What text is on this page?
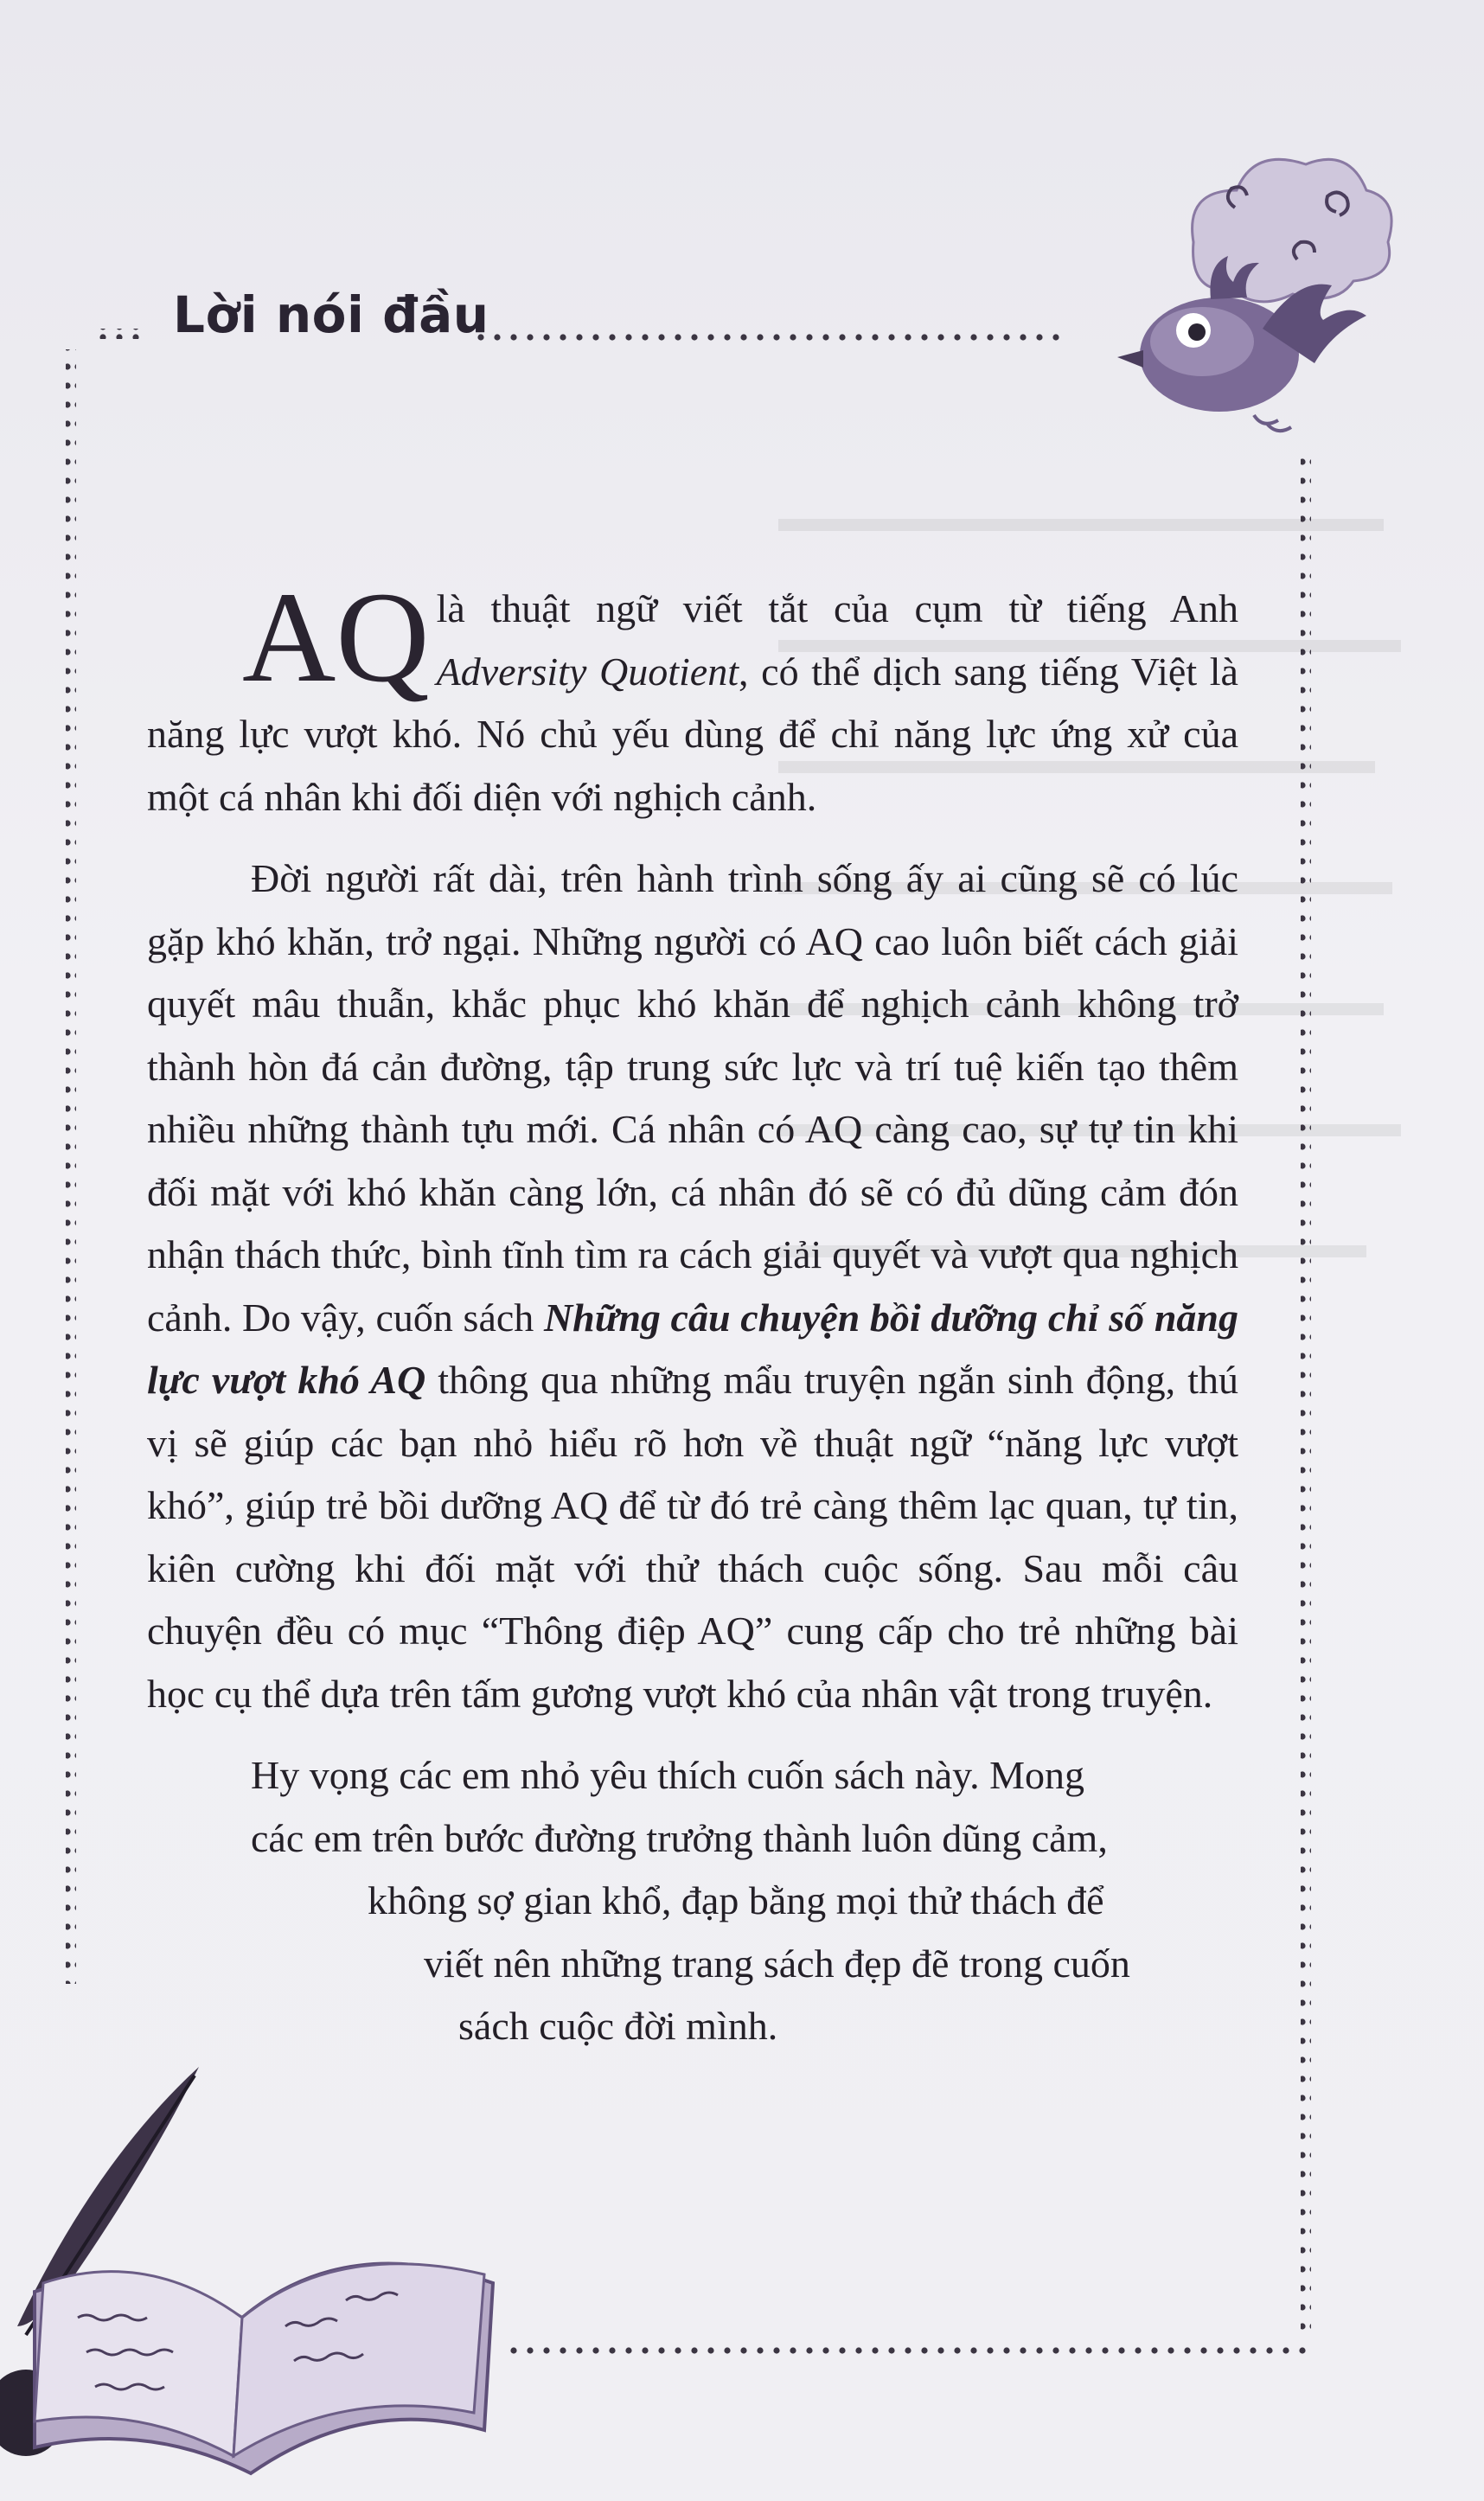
Lời nói đầu

AQ là thuật ngữ viết tắt của cụm từ tiếng Anh Adversity Quotient, có thể dịch sang tiếng Việt là năng lực vượt khó. Nó chủ yếu dùng để chỉ năng lực ứng xử của một cá nhân khi đối diện với nghịch cảnh.

Đời người rất dài, trên hành trình sống ấy ai cũng sẽ có lúc gặp khó khăn, trở ngại. Những người có AQ cao luôn biết cách giải quyết mâu thuẫn, khắc phục khó khăn để nghịch cảnh không trở thành hòn đá cản đường, tập trung sức lực và trí tuệ kiến tạo thêm nhiều những thành tựu mới. Cá nhân có AQ càng cao, sự tự tin khi đối mặt với khó khăn càng lớn, cá nhân đó sẽ có đủ dũng cảm đón nhận thách thức, bình tĩnh tìm ra cách giải quyết và vượt qua nghịch cảnh. Do vậy, cuốn sách Những câu chuyện bồi dưỡng chỉ số năng lực vượt khó AQ thông qua những mẩu truyện ngắn sinh động, thú vị sẽ giúp các bạn nhỏ hiểu rõ hơn về thuật ngữ “năng lực vượt khó”, giúp trẻ bồi dưỡng AQ để từ đó trẻ càng thêm lạc quan, tự tin, kiên cường khi đối mặt với thử thách cuộc sống. Sau mỗi câu chuyện đều có mục “Thông điệp AQ” cung cấp cho trẻ những bài học cụ thể dựa trên tấm gương vượt khó của nhân vật trong truyện.

Hy vọng các em nhỏ yêu thích cuốn sách này. Mong
các em trên bước đường trưởng thành luôn dũng cảm,
không sợ gian khổ, đạp bằng mọi thử thách để
viết nên những trang sách đẹp đẽ trong cuốn
sách cuộc đời mình.
